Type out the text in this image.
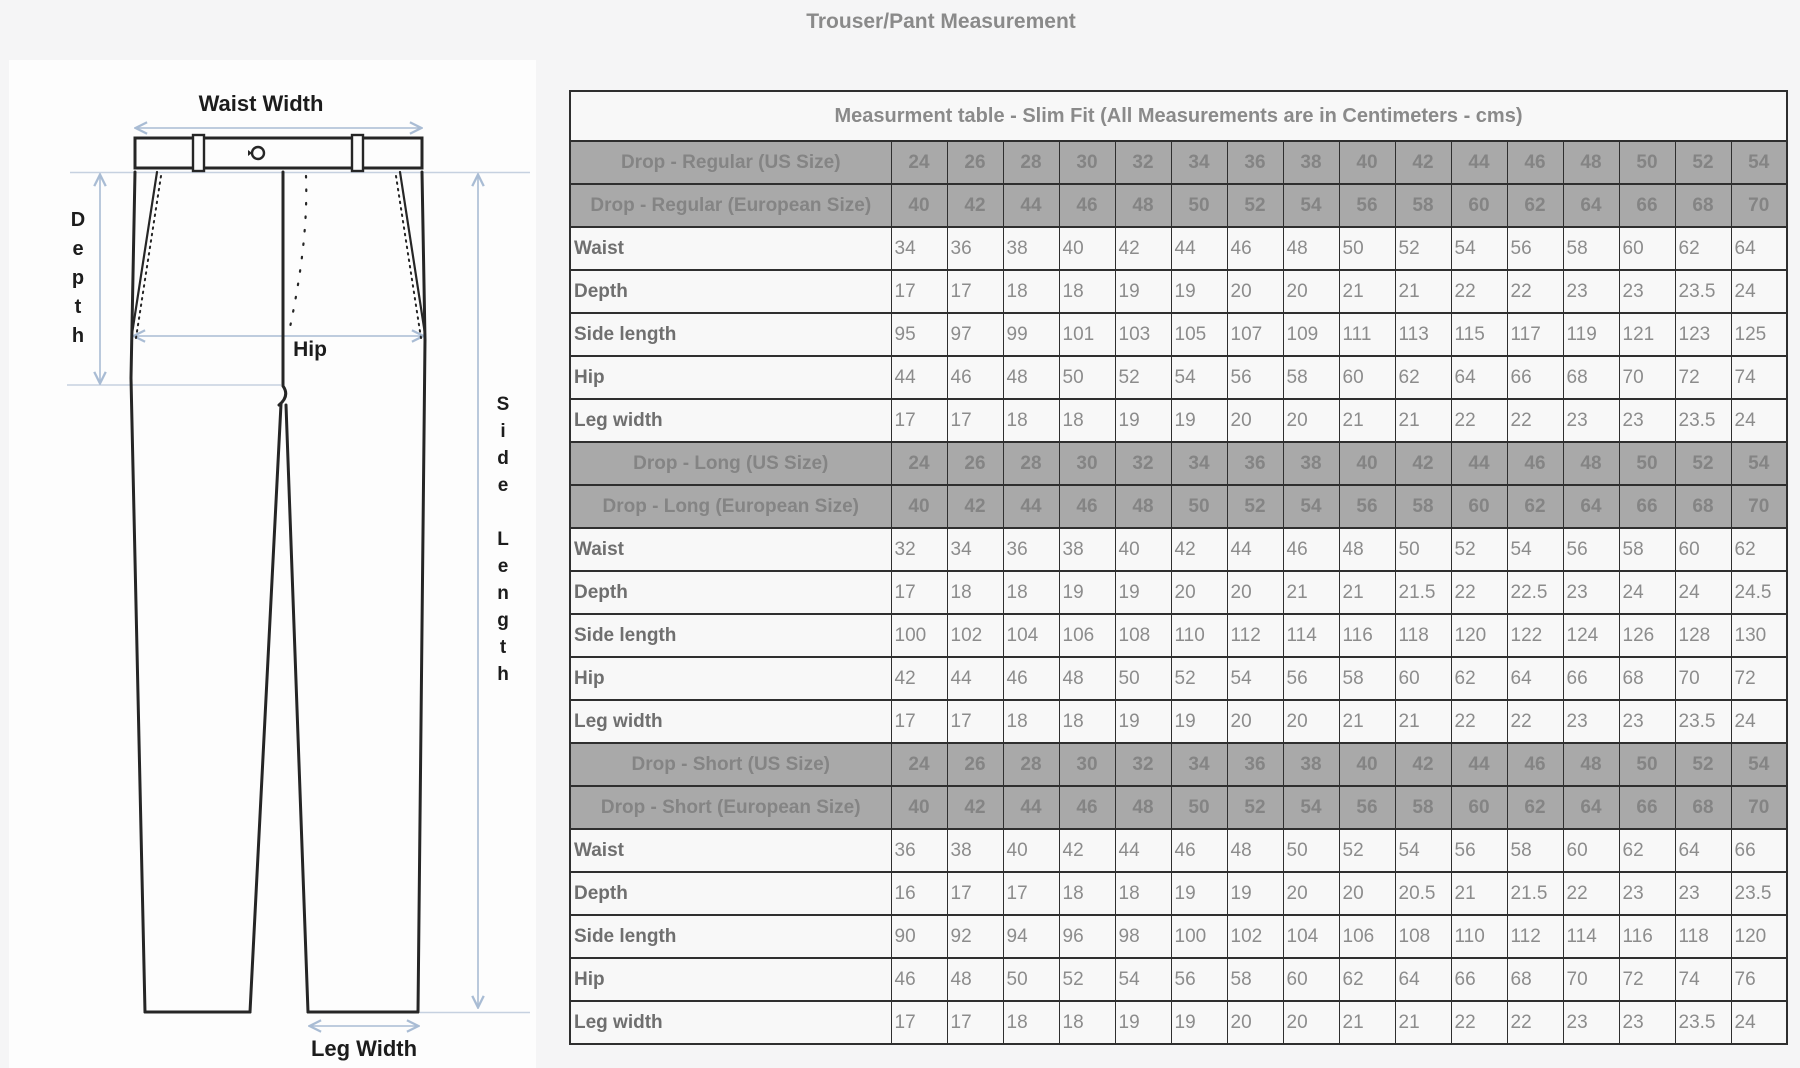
Trouser/Pant Measurement
Waist Width
Hip
Leg Width
D e p t h
S i d e
L e n g t h
Measurment table - Slim Fit (All Measurements are in Centimeters - cms)																
Drop - Regular (US Size)	24	26	28	30	32	34	36	38	40	42	44	46	48	50	52	54
Drop - Regular (European Size)	40	42	44	46	48	50	52	54	56	58	60	62	64	66	68	70
Waist	34	36	38	40	42	44	46	48	50	52	54	56	58	60	62	64
Depth	17	17	18	18	19	19	20	20	21	21	22	22	23	23	23.5	24
Side length	95	97	99	101	103	105	107	109	111	113	115	117	119	121	123	125
Hip	44	46	48	50	52	54	56	58	60	62	64	66	68	70	72	74
Leg width	17	17	18	18	19	19	20	20	21	21	22	22	23	23	23.5	24
Drop - Long (US Size)	24	26	28	30	32	34	36	38	40	42	44	46	48	50	52	54
Drop - Long (European Size)	40	42	44	46	48	50	52	54	56	58	60	62	64	66	68	70
Waist	32	34	36	38	40	42	44	46	48	50	52	54	56	58	60	62
Depth	17	18	18	19	19	20	20	21	21	21.5	22	22.5	23	24	24	24.5
Side length	100	102	104	106	108	110	112	114	116	118	120	122	124	126	128	130
Hip	42	44	46	48	50	52	54	56	58	60	62	64	66	68	70	72
Leg width	17	17	18	18	19	19	20	20	21	21	22	22	23	23	23.5	24
Drop - Short (US Size)	24	26	28	30	32	34	36	38	40	42	44	46	48	50	52	54
Drop - Short (European Size)	40	42	44	46	48	50	52	54	56	58	60	62	64	66	68	70
Waist	36	38	40	42	44	46	48	50	52	54	56	58	60	62	64	66
Depth	16	17	17	18	18	19	19	20	20	20.5	21	21.5	22	23	23	23.5
Side length	90	92	94	96	98	100	102	104	106	108	110	112	114	116	118	120
Hip	46	48	50	52	54	56	58	60	62	64	66	68	70	72	74	76
Leg width	17	17	18	18	19	19	20	20	21	21	22	22	23	23	23.5	24
